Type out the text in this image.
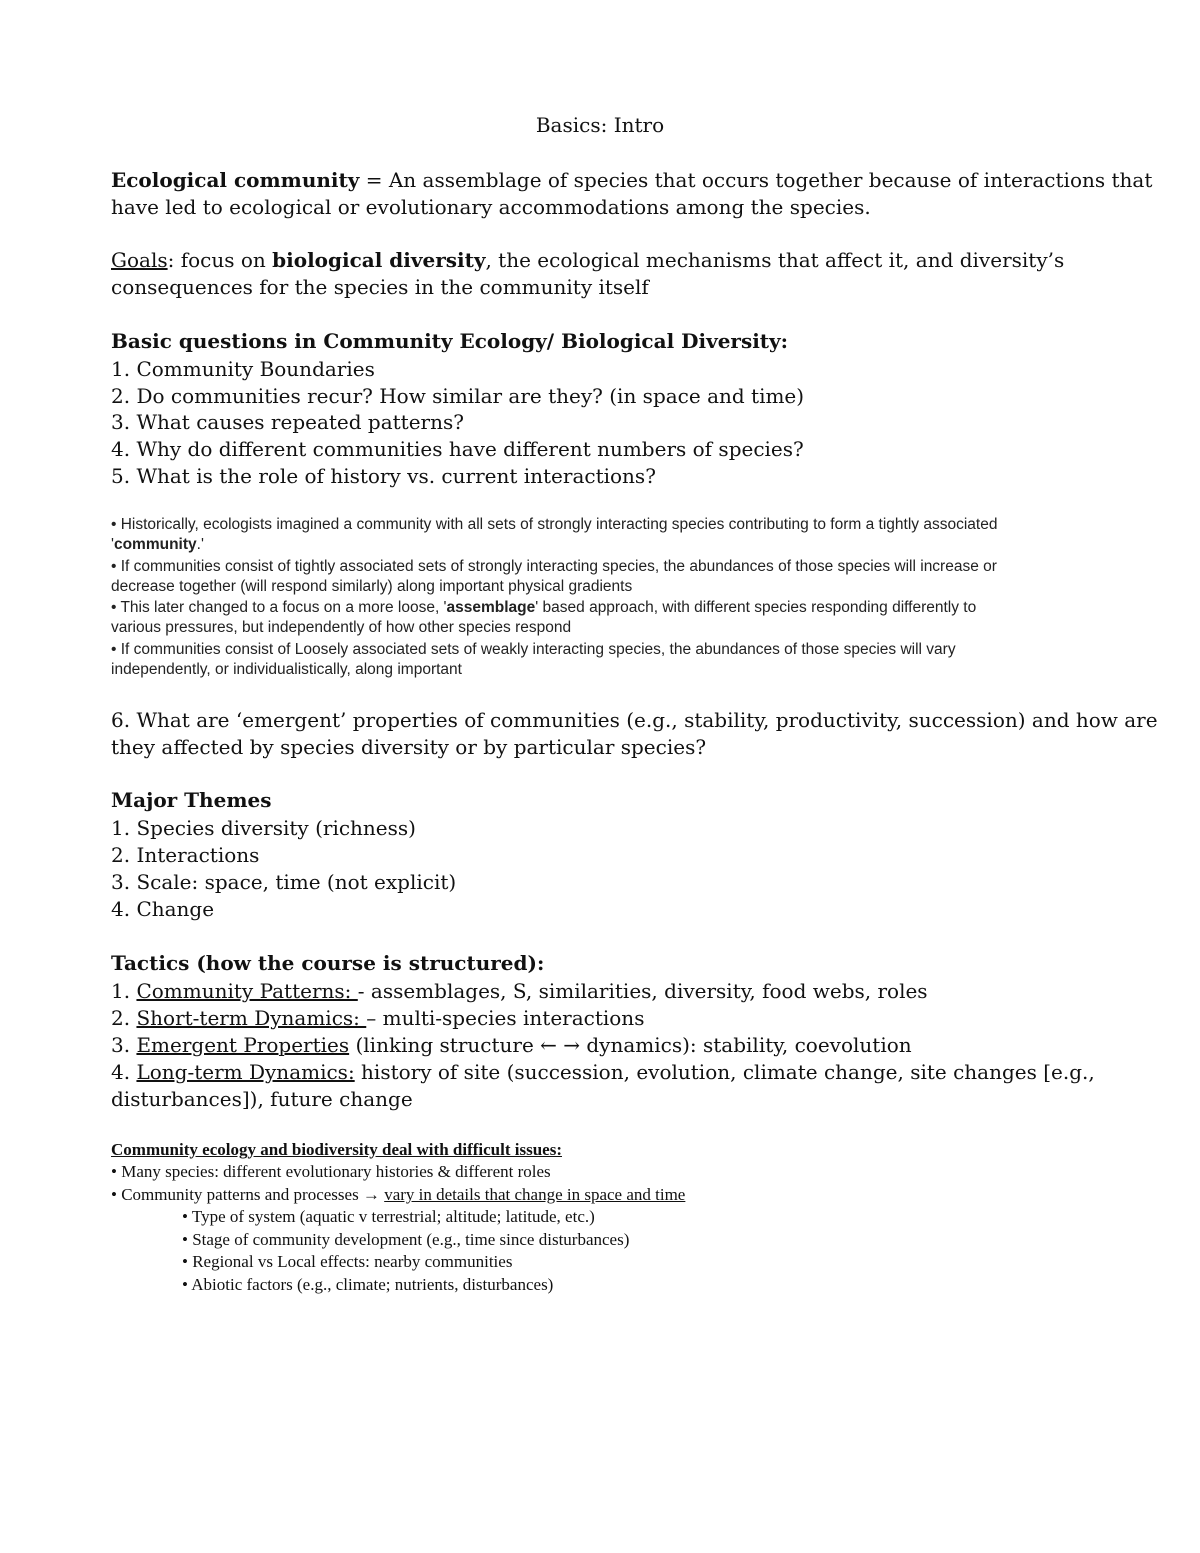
Basics: Intro
Ecological community = An assemblage of species that occurs together because of interactions that
have led to ecological or evolutionary accommodations among the species.
Goals: focus on biological diversity, the ecological mechanisms that affect it, and diversity’s
consequences for the species in the community itself
Basic questions in Community Ecology/ Biological Diversity:
1. Community Boundaries
2. Do communities recur? How similar are they? (in space and time)
3. What causes repeated patterns?
4. Why do different communities have different numbers of species?
5. What is the role of history vs. current interactions?
• Historically, ecologists imagined a community with all sets of strongly interacting species contributing to form a tightly associated
'community.'
• If communities consist of tightly associated sets of strongly interacting species, the abundances of those species will increase or
decrease together (will respond similarly) along important physical gradients
• This later changed to a focus on a more loose, 'assemblage' based approach, with different species responding differently to
various pressures, but independently of how other species respond
• If communities consist of Loosely associated sets of weakly interacting species, the abundances of those species will vary
independently, or individualistically, along important
6. What are ‘emergent’ properties of communities (e.g., stability, productivity, succession) and how are
they affected by species diversity or by particular species?
Major Themes
1. Species diversity (richness)
2. Interactions
3. Scale: space, time (not explicit)
4. Change
Tactics (how the course is structured):
1. Community Patterns: - assemblages, S, similarities, diversity, food webs, roles
2. Short-term Dynamics: – multi-species interactions
3. Emergent Properties (linking structure ← → dynamics): stability, coevolution
4. Long-term Dynamics: history of site (succession, evolution, climate change, site changes [e.g.,
disturbances]), future change
Community ecology and biodiversity deal with difficult issues:
• Many species: different evolutionary histories & different roles
• Community patterns and processes → vary in details that change in space and time
• Type of system (aquatic v terrestrial; altitude; latitude, etc.)
• Stage of community development (e.g., time since disturbances)
• Regional vs Local effects: nearby communities
• Abiotic factors (e.g., climate; nutrients, disturbances)
